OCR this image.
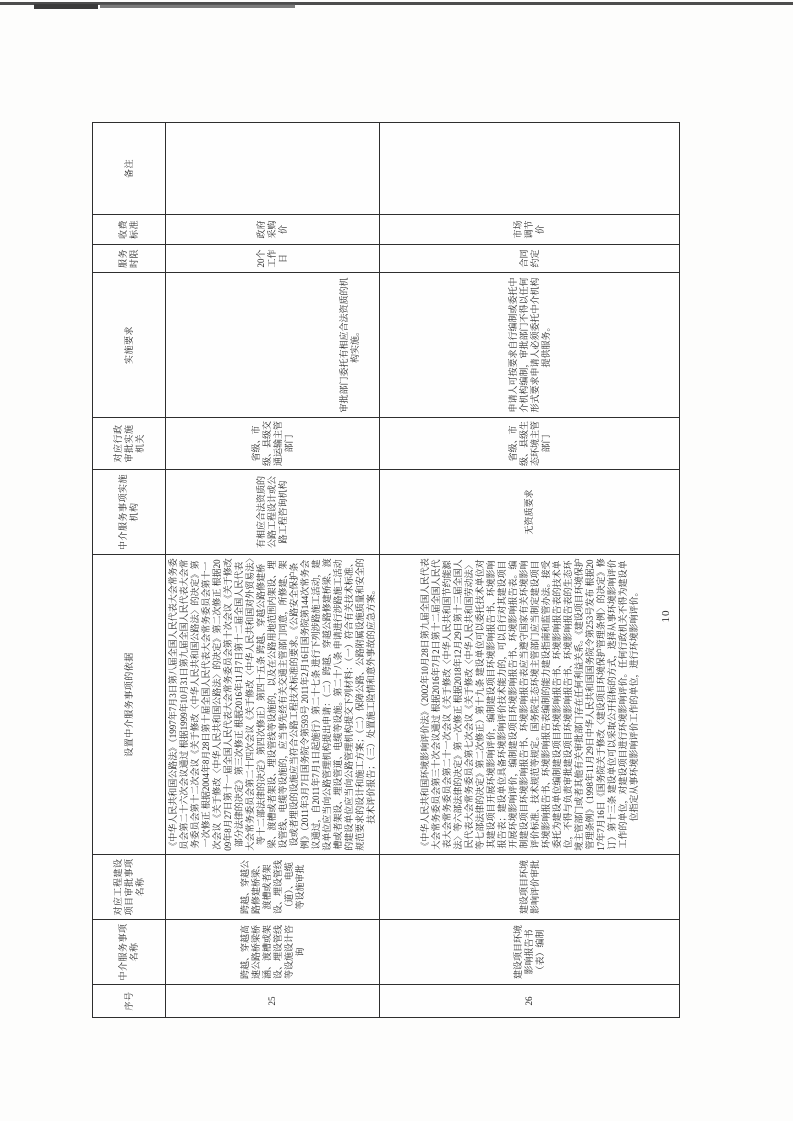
序号	中介服务事项名称	对应工程建设项目审批事项名称	设置中介服务事项的依据	中介服务事项实施机构	对应行政审批实施机关	实施要求	服务时限	收费标准	备注
25	跨越、穿越高速公路桥梁桥涵、渡槽或架设、埋设管线等设施设计咨询	跨越、穿越公路修建桥梁、渡槽或者架设、埋设管线（道）、电缆等设施审批	《中华人民共和国公路法》（1997年7月3日第八届全国人民代表大会常务委员会第二十六次会议通过 根据1999年10月31日第九届全国人民代表大会常务委员会第十二次会议《关于修改〈中华人民共和国公路法〉的决定》第一次修正 根据2004年8月28日第十届全国人民代表大会常务委员会第十一次会议《关于修改〈中华人民共和国公路法〉的决定》第二次修正 根据2009年8月27日第十一届全国人民代表大会常务委员会第十次会议《关于修改部分法律的决定》第三次修正 根据2016年11月7日第十二届全国人民代表大会常务委员会第二十四次会议《关于修改〈中华人民共和国对外贸易法〉等十二部法律的决定》第四次修正）第四十五条 跨越、穿越公路修建桥梁、渡槽或者架设、埋设管线等设施的，以及在公路用地范围内架设、埋设管线、电缆等设施的，应当事先经有关交通主管部门同意，所修建、架设或者埋设的设施应当符合公路工程技术标准的要求。《公路安全保护条例》（2011年3月7日国务院令第593号 2011年2月16日国务院第144次常务会议通过，自2011年7月1日起施行）第二十七条 进行下列涉路施工活动，建设单位应当向公路管理机构提出申请：（二）跨越、穿越公路修建桥梁、渡槽或者架设、埋设管道、电缆等设施。第二十八条 申请进行涉路施工活动的建设单位应当向公路管理机构提交下列材料：（一）符合有关技术标准、规范要求的设计和施工方案；（二）保障公路、公路附属设施质量和安全的技术评价报告；（三）处置施工险情和意外事故的应急方案。	有相应合法资质的公路工程设计或公路工程咨询机构	省级、市级、县级交通运输主管部门	审批部门委托有相应合法资质的机构实施。	20个工作日	政府采购价	
26	建设项目环境影响报告书（表）编制	建设项目环境影响评价审批	《中华人民共和国环境影响评价法》（2002年10月28日第九届全国人民代表大会常务委员会第三十次会议通过 根据2016年7月2日第十二届全国人民代表大会常务委员会第二十一次会议《关于修改〈中华人民共和国节约能源法〉等六部法律的决定》第一次修正 根据2018年12月29日第十三届全国人民代表大会常务委员会第七次会议《关于修改〈中华人民共和国劳动法〉等七部法律的决定》第二次修正）第十九条 建设单位可以委托技术单位对其建设项目开展环境影响评价，编制建设项目环境影响报告书、环境影响报告表；建设单位具备环境影响评价技术能力的，可以自行对其建设项目开展环境影响评价，编制建设项目环境影响报告书、环境影响报告表。编制建设项目环境影响报告书、环境影响报告表应当遵守国家有关环境影响评价标准、技术规范等规定。国务院生态环境主管部门应当制定建设项目环境影响报告书、环境影响报告表编制的能力建设指南和监管办法。接受委托为建设单位编制建设项目环境影响报告书、环境影响报告表的技术单位，不得与负责审批建设项目环境影响报告书、环境影响报告表的生态环境主管部门或者其他有关审批部门存在任何利益关系。《建设项目环境保护管理条例》（1998年11月29日中华人民共和国国务院令第253号发布 根据2017年7月16日《国务院关于修改〈建设项目环境保护管理条例〉的决定》修订）第十三条 建设单位可以采取公开招标的方式，选择从事环境影响评价工作的单位，对建设项目进行环境影响评价。任何行政机关不得为建设单位指定从事环境影响评价工作的单位，进行环境影响评价。	无资质要求	省级、市级、县级生态环境主管部门	申请人可按要求自行编制或委托中介机构编制，审批部门不得以任何形式要求申请人必须委托中介机构提供服务。	合同约定	市场调节价	
10
